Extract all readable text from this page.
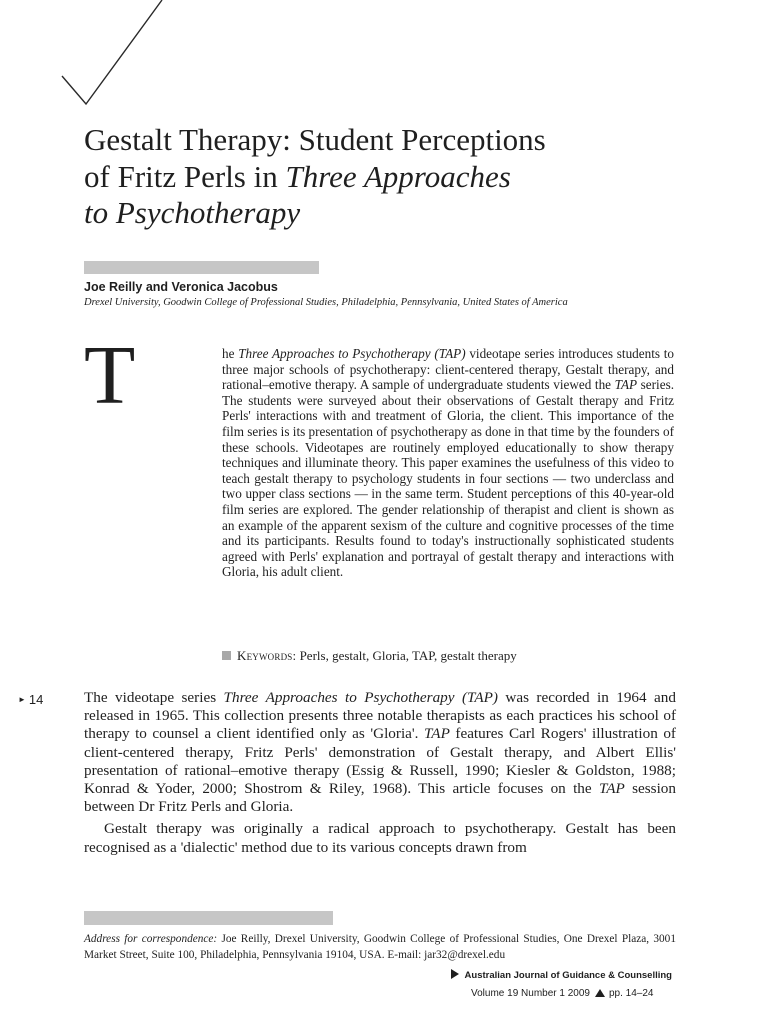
Gestalt Therapy: Student Perceptions
of Fritz Perls in Three Approaches
to Psychotherapy
Joe Reilly and Veronica Jacobus
Drexel University, Goodwin College of Professional Studies, Philadelphia, Pennsylvania, United States of America
T	he Three Approaches to Psychotherapy (TAP) videotape series introduces students to three major schools of psychotherapy: client-centered therapy, Gestalt therapy, and rational–emotive therapy. A sample of undergraduate students viewed the TAP series. The students were surveyed about their observations of Gestalt therapy and Fritz Perls' interactions with and treatment of Gloria, the client. This importance of the film series is its presentation of psychotherapy as done in that time by the founders of these schools. Videotapes are routinely employed educationally to show therapy techniques and illuminate theory. This paper examines the usefulness of this video to teach gestalt therapy to psychology students in four sections — two underclass and two upper class sections — in the same term. Student perceptions of this 40-year-old film series are explored. The gender relationship of therapist and client is shown as an example of the apparent sexism of the culture and cognitive processes of the time and its participants. Results found to today's instructionally sophisticated students agreed with Perls' explanation and portrayal of gestalt therapy and interactions with Gloria, his adult client.

Keywords: Perls, gestalt, Gloria, TAP, gestalt therapy
► 14	The videotape series Three Approaches to Psychotherapy (TAP) was recorded in 1964 and released in 1965. This collection presents three notable therapists as each practices his school of therapy to counsel a client identified only as 'Gloria'. TAP features Carl Rogers' illustration of client-centered therapy, Fritz Perls' demonstration of Gestalt therapy, and Albert Ellis' presentation of rational–emotive therapy (Essig & Russell, 1990; Kiesler & Goldston, 1988; Konrad & Yoder, 2000; Shostrom & Riley, 1968). This article focuses on the TAP session between Dr Fritz Perls and Gloria.

Gestalt therapy was originally a radical approach to psychotherapy. Gestalt has been recognised as a 'dialectic' method due to its various concepts drawn from

Address for correspondence: Joe Reilly, Drexel University, Goodwin College of Professional Studies, One Drexel Plaza, 3001 Market Street, Suite 100, Philadelphia, Pennsylvania 19104, USA. E-mail: jar32@drexel.edu
Australian Journal of Guidance & Counselling
Volume 19 Number 1 2009 pp. 14–24
